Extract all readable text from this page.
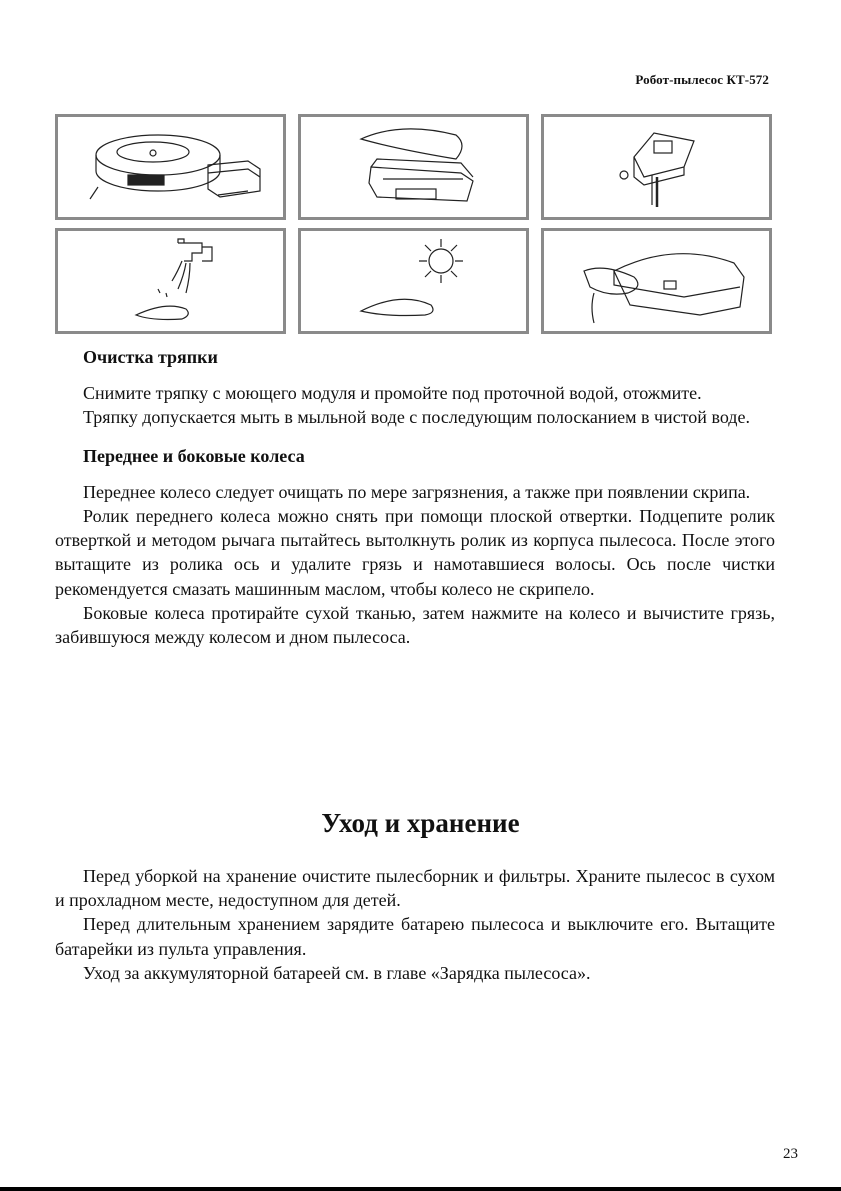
Робот-пылесос КТ-572
Очистка тряпки

Снимите тряпку с моющего модуля и промойте под проточной водой, отожмите.

Тряпку допускается мыть в мыльной воде с последующим полосканием в чистой воде.

Переднее и боковые колеса

Переднее колесо следует очищать по мере загрязнения, а также при появлении скрипа.

Ролик переднего колеса можно снять при помощи плоской отвертки. Подцепите ролик отверткой и методом рычага пытайтесь вытолкнуть ролик из корпуса пылесоса. После этого вытащите из ролика ось и удалите грязь и намотавшиеся волосы. Ось после чистки рекомендуется смазать машинным маслом, чтобы колесо не скрипело.

Боковые колеса протирайте сухой тканью, затем нажмите на колесо и вычистите грязь, забившуюся между колесом и дном пылесоса.

Уход и хранение

Перед уборкой на хранение очистите пылесборник и фильтры. Храните пылесос в сухом и прохладном месте, недоступном для детей.

Перед длительным хранением зарядите батарею пылесоса и выключите его. Вытащите батарейки из пульта управления.

Уход за аккумуляторной батареей см. в главе «Зарядка пылесоса».

23
